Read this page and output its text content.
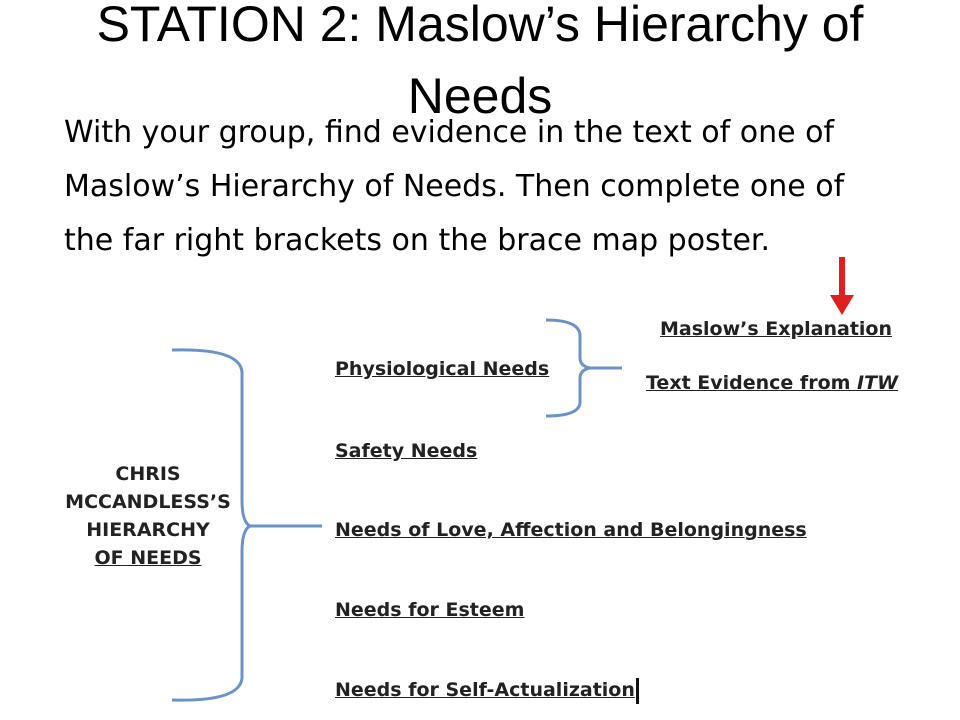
STATION 2: Maslow’s Hierarchy of Needs

With your group, find evidence in the text of one of Maslow’s Hierarchy of Needs. Then complete one of the far right brackets on the brace map poster.

CHRIS
MCCANDLESS’S
HIERARCHY
OF NEEDS
Physiological Needs
Safety Needs
Needs of Love, Affection and Belongingness
Needs for Esteem
Needs for Self-Actualization
Maslow’s Explanation
Text Evidence from ITW
